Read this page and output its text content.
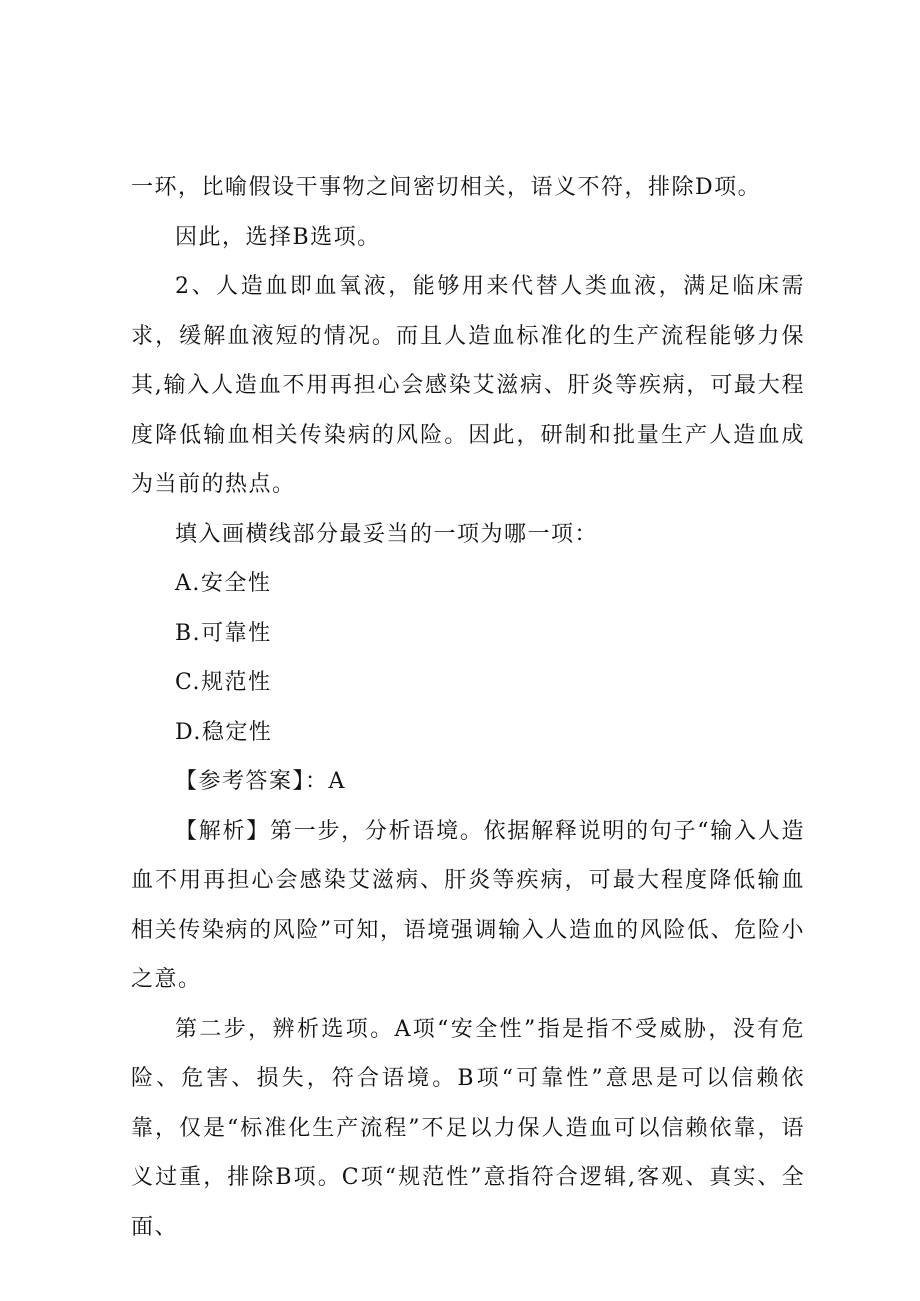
一环，比喻假设干事物之间密切相关，语义不符，排除D项。

因此，选择B选项。

2、人造血即血氧液，能够用来代替人类血液，满足临床需求，缓解血液短的情况。而且人造血标准化的生产流程能够力保其,输入人造血不用再担心会感染艾滋病、肝炎等疾病，可最大程度降低输血相关传染病的风险。因此，研制和批量生产人造血成为当前的热点。

填入画横线部分最妥当的一项为哪一项：

A.安全性

B.可靠性

C.规范性

D.稳定性

【参考答案】：A

【解析】第一步，分析语境。依据解释说明的句子“输入人造血不用再担心会感染艾滋病、肝炎等疾病，可最大程度降低输血相关传染病的风险”可知，语境强调输入人造血的风险低、危险小之意。

第二步，辨析选项。A项“安全性”指是指不受威胁，没有危险、危害、损失，符合语境。B项“可靠性”意思是可以信赖依靠，仅是“标准化生产流程”不足以力保人造血可以信赖依靠，语义过重，排除B项。C项“规范性”意指符合逻辑,客观、真实、全面、
